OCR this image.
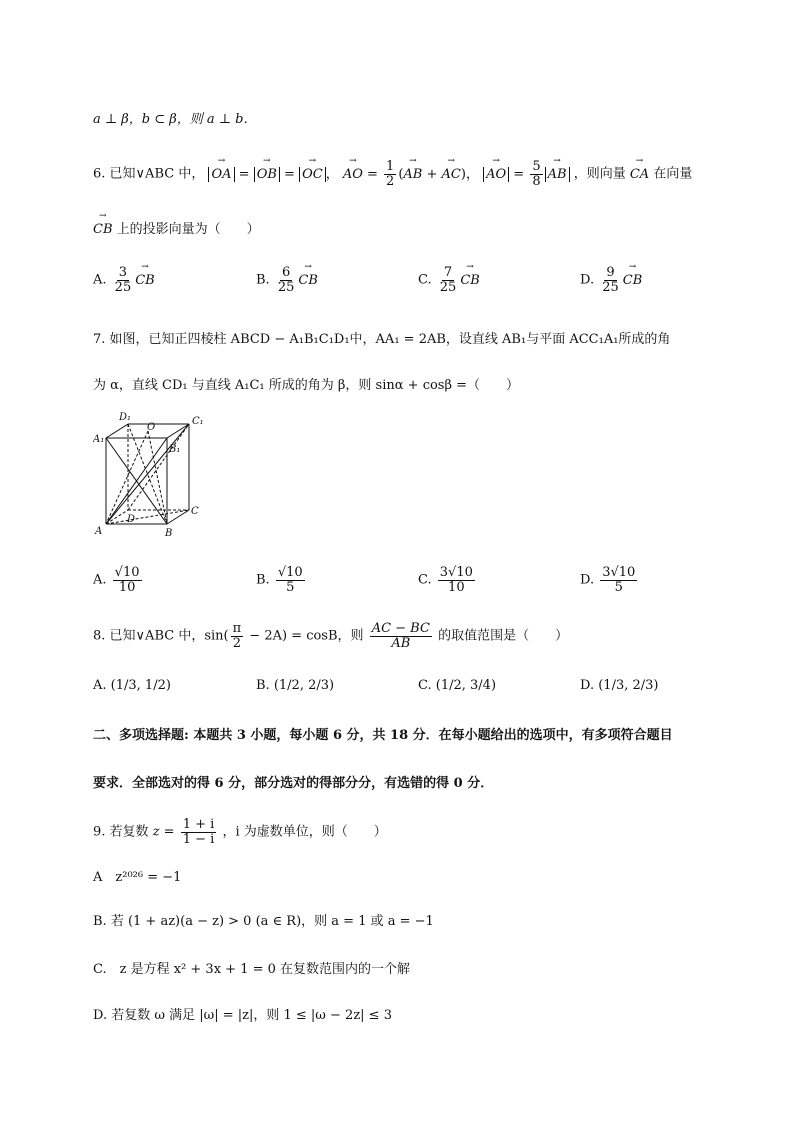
a ⊥ β，b ⊂ β，则 a ⊥ b．
6. 已知∨ABC 中， → OA = → OB = → OC ， → AO = $\frac{1}{2}$ (→ AB + → AC)， → AO = $\frac{5}{8}$ → AB ，则向量 → CA 在向量
→ CB 上的投影向量为（　　）
A. $\frac{3}{25}$ → CB	B. $\frac{6}{25}$ → CB	C. $\frac{7}{25}$ → CB	D. $\frac{9}{25}$ → CB
7. 如图，已知正四棱柱 ABCD − A₁B₁C₁D₁中，AA₁ = 2AB，设直线 AB₁与平面 ACC₁A₁所成的角
为 α，直线 CD₁ 与直线 A₁C₁ 所成的角为 β，则 sinα + cosβ =（　　）
D₁	C₁
A₁
B₁
O
A	B
C
D
A. $\frac{√10}{10}$	B. $\frac{√10}{5}$	C. $\frac{3√10}{10}$	D. $\frac{3√10}{5}$
8. 已知∨ABC 中，$\sin( \frac{\pi}{2} - 2A) = \cos B$，则 $\frac{AC - BC}{AB}$ 的取值范围是（　　）
A. (1/3, 1/2)	B. (1/2, 2/3)	C. (1/2, 3/4)	D. (1/3, 2/3)
二、多项选择题: 本题共 3 小题，每小题 6 分，共 18 分．在每小题给出的选项中，有多项符合题目
要求．全部选对的得 6 分，部分选对的得部分分，有选错的得 0 分．
9. 若复数 $z = \frac{1 + i}{1 - i}$ ，i 为虚数单位，则（　　）
A　z²⁰²⁶ = −1
B. 若 (1 + az)(a − z) > 0 (a ∈ R)，则 a = 1 或 a = −1
C.　z 是方程 x² + 3x + 1 = 0 在复数范围内的一个解
D. 若复数 ω 满足 |ω| = |z|，则 1 ≤ |ω − 2z| ≤ 3
